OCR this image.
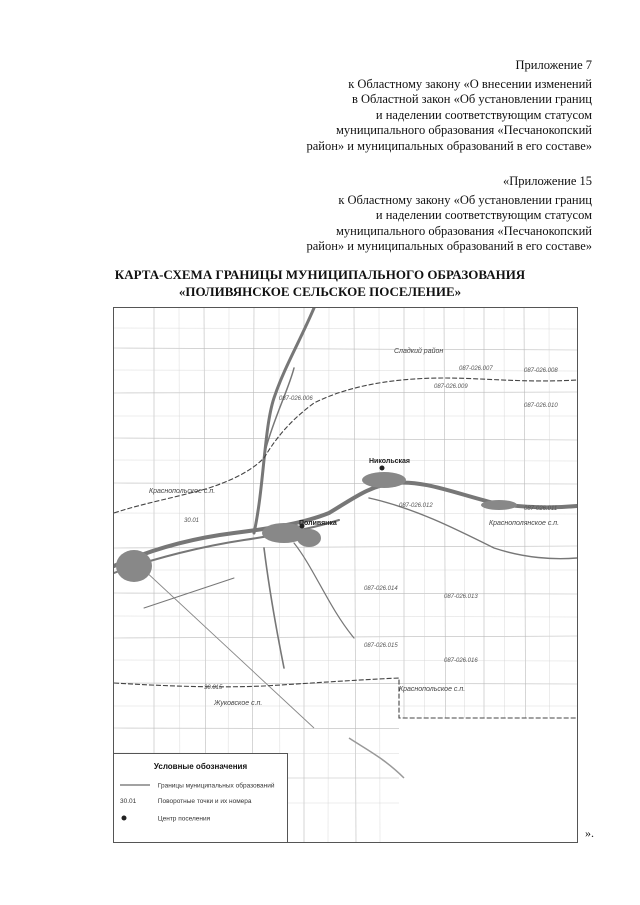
Приложение 7
к Областному закону «О внесении изменений
в Областной закон «Об установлении границ
и наделении соответствующим статусом
муниципального образования «Песчанокопский
район» и муниципальных образований в его составе»
«Приложение 15
к Областному закону «Об установлении границ
и наделении соответствующим статусом
муниципального образования «Песчанокопский
район» и муниципальных образований в его составе»
КАРТА-СХЕМА ГРАНИЦЫ МУНИЦИПАЛЬНОГО ОБРАЗОВАНИЯ
«ПОЛИВЯНСКОЕ СЕЛЬСКОЕ ПОСЕЛЕНИЕ»
Сладкий район
087-026.007	087-026.008
087-026.006
087-026.009
087-026.010
Никольская
Краснопольское с.п.
087-026.012	087-026.011
Поливянка
30.01	Краснополянское с.п.
087-026.014
087-026.013
087-026.015
087-026.016
30.015	Краснопольское с.п.
Жуковское с.п.
Условные обозначения
Границы муниципальных образований
30.01	Поворотные точки и их номера
Центр поселения
».
